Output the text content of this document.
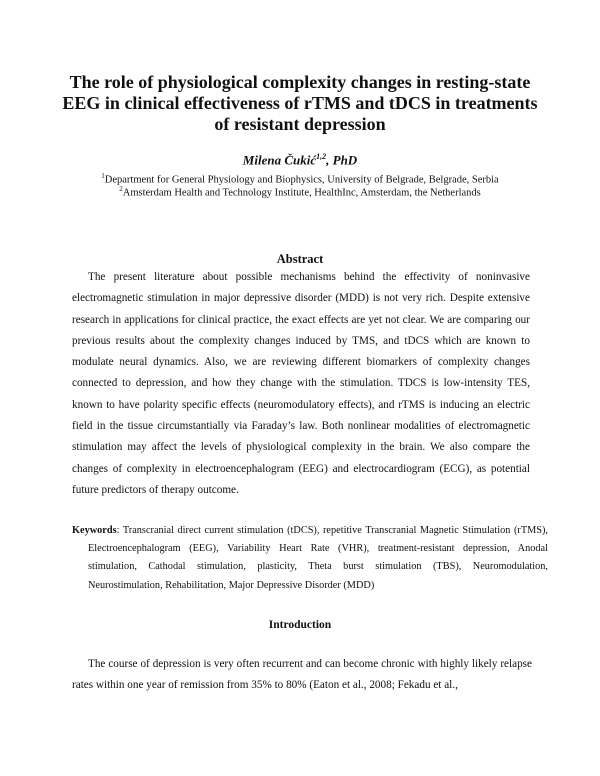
The role of physiological complexity changes in resting-state EEG in clinical effectiveness of rTMS and tDCS in treatments of resistant depression
Milena Čukić$^{1,2}$, PhD
$^1$Department for General Physiology and Biophysics, University of Belgrade, Belgrade, Serbia
$^2$Amsterdam Health and Technology Institute, HealthInc, Amsterdam, the Netherlands
Abstract

The present literature about possible mechanisms behind the effectivity of noninvasive electromagnetic stimulation in major depressive disorder (MDD) is not very rich. Despite extensive research in applications for clinical practice, the exact effects are yet not clear. We are comparing our previous results about the complexity changes induced by TMS, and tDCS which are known to modulate neural dynamics. Also, we are reviewing different biomarkers of complexity changes connected to depression, and how they change with the stimulation. TDCS is low-intensity TES, known to have polarity specific effects (neuromodulatory effects), and rTMS is inducing an electric field in the tissue circumstantially via Faraday’s law. Both nonlinear modalities of electromagnetic stimulation may affect the levels of physiological complexity in the brain. We also compare the changes of complexity in electroencephalogram (EEG) and electrocardiogram (ECG), as potential future predictors of therapy outcome.

Keywords: Transcranial direct current stimulation (tDCS), repetitive Transcranial Magnetic Stimulation (rTMS), Electroencephalogram (EEG), Variability Heart Rate (VHR), treatment-resistant depression, Anodal stimulation, Cathodal stimulation, plasticity, Theta burst stimulation (TBS), Neuromodulation, Neurostimulation, Rehabilitation, Major Depressive Disorder (MDD)

Introduction

The course of depression is very often recurrent and can become chronic with highly likely relapse rates within one year of remission from 35% to 80% (Eaton et al., 2008; Fekadu et al.,
